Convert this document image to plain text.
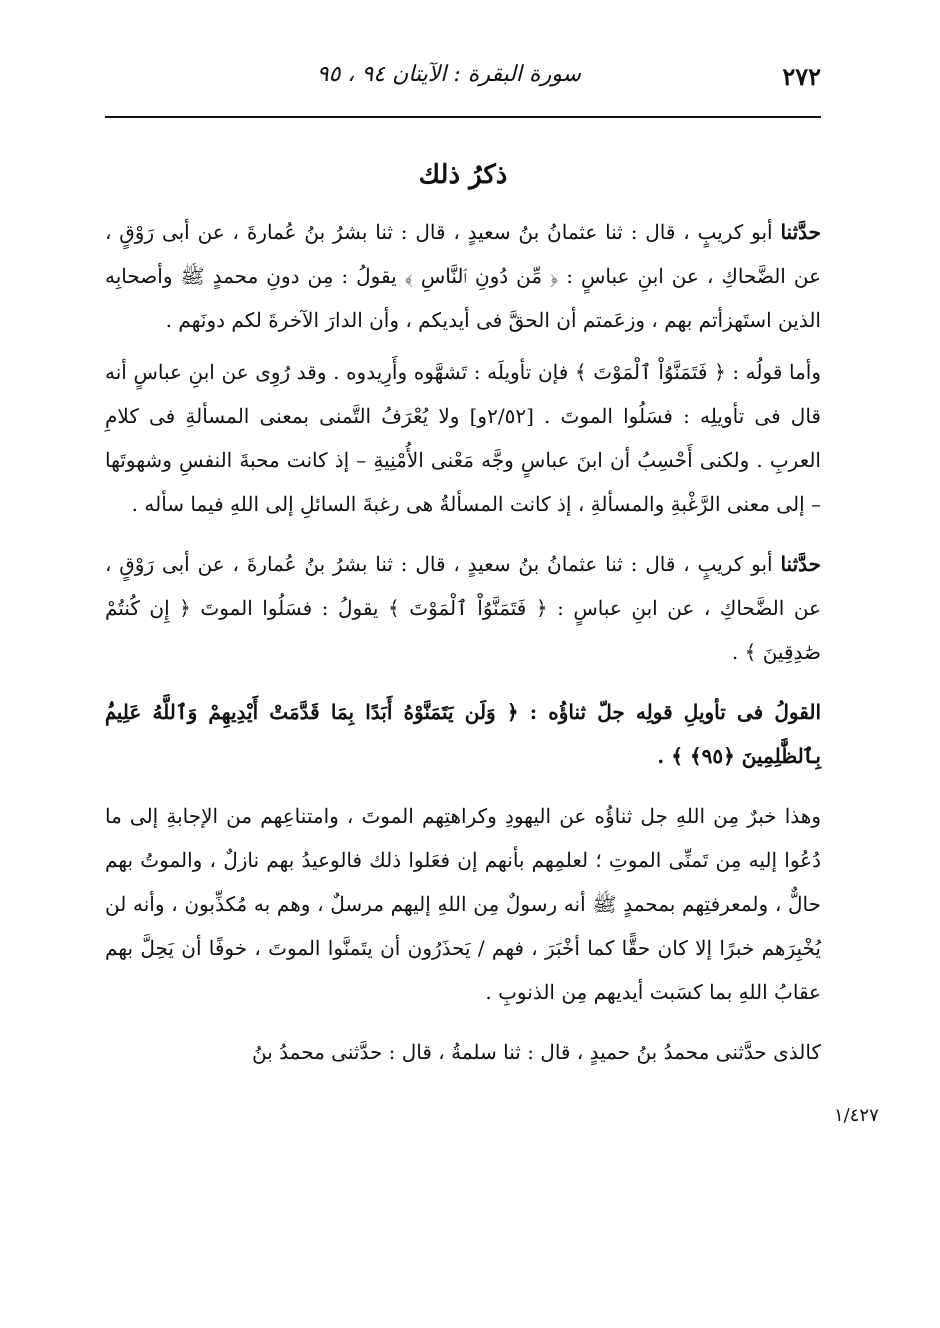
٢٧٢
سورة البقرة : الآيتان ٩٤ ، ٩٥
ذكرُ ذلك

حدَّثنا أبو كريبٍ ، قال : ثنا عثمانُ بنُ سعيدٍ ، قال : ثنا بشرُ بنُ عُمارةَ ، عن أبى رَوْقٍ ، عن الضَّحاكِ ، عن ابنِ عباسٍ : ﴿ مِّن دُونِ ٱلنَّاسِ ﴾ يقولُ : مِن دونِ محمدٍ ﷺ وأصحابِه الذين استَهزأتم بهم ، وزعَمتم أن الحقَّ فى أيديكم ، وأن الدارَ الآخرةَ لكم دونَهم .

وأما قولُه : ﴿ فَتَمَنَّوُاْ ٱلْمَوْتَ ﴾ فإن تأويلَه : تَشهَّوه وأَرِيدوه . وقد رُوِى عن ابنِ عباسٍ أنه قال فى تأويلِه : فسَلُوا الموتَ . [٢/٥٢و] ولا يُعْرَفُ التَّمنى بمعنى المسألةِ فى كلامِ العربِ . ولكنى أَحْسِبُ أن ابنَ عباسٍ وجَّه مَعْنى الأُمْنِيةِ – إذ كانت محبةَ النفسِ وشهوتَها – إلى معنى الرَّغْبةِ والمسألةِ ، إذ كانت المسألةُ هى رغبةَ السائلِ إلى اللهِ فيما سأله .

حدَّثنا أبو كريبٍ ، قال : ثنا عثمانُ بنُ سعيدٍ ، قال : ثنا بشرُ بنُ عُمارةَ ، عن أبى رَوْقٍ ، عن الضَّحاكِ ، عن ابنِ عباسٍ : ﴿ فَتَمَنَّوُاْ ٱلْمَوْتَ ﴾ يقولُ : فسَلُوا الموتَ ﴿ إِن كُنتُمْ صَٰدِقِينَ ﴾ .

القولُ فى تأويلِ قولِه جلّ ثناؤُه : ﴿ وَلَن يَتَمَنَّوْهُ أَبَدًا بِمَا قَدَّمَتْ أَيْدِيهِمْ وَٱللَّهُ عَلِيمُۢ بِٱلظَّٰلِمِينَ ﴿٩٥﴾ ﴾ .

وهذا خبرٌ مِن اللهِ جل ثناؤُه عن اليهودِ وكراهتِهم الموتَ ، وامتناعِهم من الإجابةِ إلى ما دُعُوا إليه مِن تَمنِّى الموتِ ؛ لعلمِهم بأنهم إن فعَلوا ذلك فالوعيدُ بهم نازلٌ ، والموتُ بهم حالٌّ ، ولمعرفتِهم بمحمدٍ ﷺ أنه رسولٌ مِن اللهِ إليهم مرسلٌ ، وهم به مُكذِّبون ، وأنه لن يُخْبِرَهم خبرًا إلا كان حقًّا كما أخْبَرَ ، فهم / يَحذَرُون أن يتَمنَّوا الموتَ ، خوفًا أن يَحِلَّ بهم عقابُ اللهِ بما كسَبت أيديهم مِن الذنوبِ .

كالذى حدَّثنى محمدُ بنُ حميدٍ ، قال : ثنا سلمةُ ، قال : حدَّثنى محمدُ بنُ

١/٤٢٧
